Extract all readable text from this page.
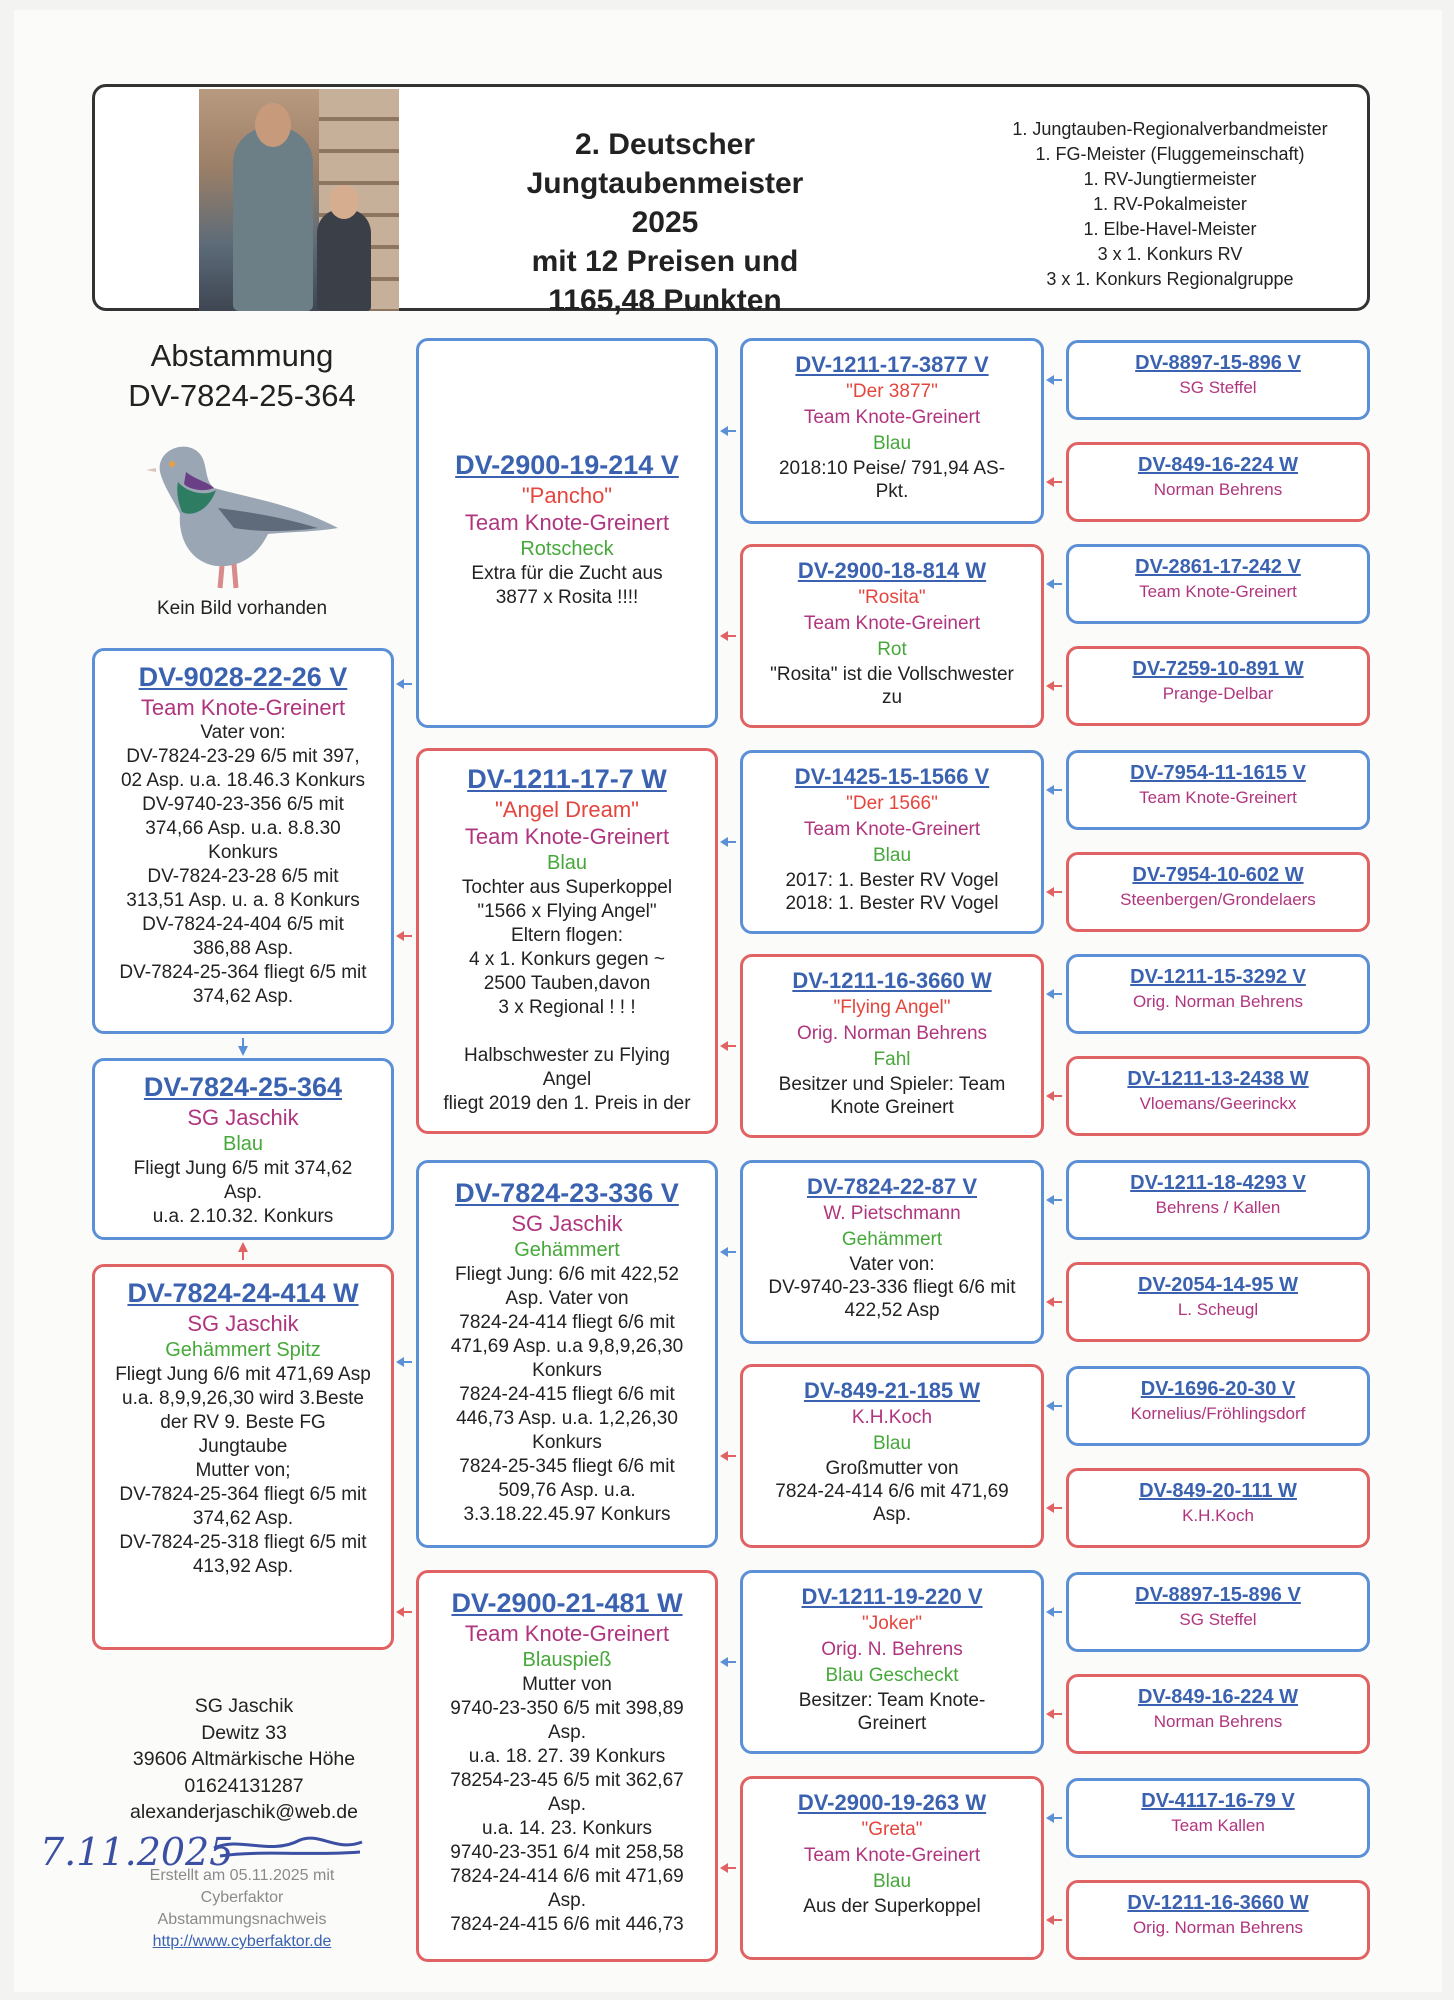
2. Deutscher
Jungtaubenmeister 2025
mit 12 Preisen und
1165,48 Punkten
1. Jungtauben-Regionalverbandmeister
1. FG-Meister (Fluggemeinschaft)
1. RV-Jungtiermeister
1. RV-Pokalmeister
1. Elbe-Havel-Meister
3 x 1. Konkurs RV
3 x 1. Konkurs Regionalgruppe
Abstammung
DV-7824-25-364
Kein Bild vorhanden
DV-9028-22-26 V
Team Knote-Greinert
Vater von:
DV-7824-23-29 6/5 mit 397,
02 Asp. u.a. 18.46.3 Konkurs
DV-9740-23-356 6/5 mit
374,66 Asp. u.a. 8.8.30
Konkurs
DV-7824-23-28 6/5 mit
313,51 Asp. u. a. 8 Konkurs
DV-7824-24-404 6/5 mit
386,88 Asp.
DV-7824-25-364 fliegt 6/5 mit
374,62 Asp.
DV-7824-25-364
SG Jaschik
Blau
Fliegt Jung 6/5 mit 374,62
Asp.
u.a. 2.10.32. Konkurs
DV-7824-24-414 W
SG Jaschik
Gehämmert Spitz
Fliegt Jung 6/6 mit 471,69 Asp
u.a. 8,9,9,26,30 wird 3.Beste
der RV 9. Beste FG
Jungtaube
Mutter von;
DV-7824-25-364 fliegt 6/5 mit
374,62 Asp.
DV-7824-25-318 fliegt 6/5 mit
413,92 Asp.
DV-2900-19-214 V
"Pancho"
Team Knote-Greinert
Rotscheck
Extra für die Zucht aus
3877 x Rosita !!!!
DV-1211-17-7 W
"Angel Dream"
Team Knote-Greinert
Blau
Tochter aus Superkoppel
"1566 x Flying Angel"
Eltern flogen:
4 x 1. Konkurs gegen ~
2500 Tauben,davon
3 x Regional ! ! !
Halbschwester zu Flying
Angel
fliegt 2019 den 1. Preis in der
DV-7824-23-336 V
SG Jaschik
Gehämmert
Fliegt Jung: 6/6 mit 422,52
Asp. Vater von
7824-24-414 fliegt 6/6 mit
471,69 Asp. u.a 9,8,9,26,30
Konkurs
7824-24-415 fliegt 6/6 mit
446,73 Asp. u.a. 1,2,26,30
Konkurs
7824-25-345 fliegt 6/6 mit
509,76 Asp. u.a.
3.3.18.22.45.97 Konkurs
DV-2900-21-481 W
Team Knote-Greinert
Blauspieß
Mutter von
9740-23-350 6/5 mit 398,89
Asp.
u.a. 18. 27. 39 Konkurs
78254-23-45 6/5 mit 362,67
Asp.
u.a. 14. 23. Konkurs
9740-23-351 6/4 mit 258,58
7824-24-414 6/6 mit 471,69
Asp.
7824-24-415 6/6 mit 446,73
DV-1211-17-3877 V
"Der 3877"
Team Knote-Greinert
Blau
2018:10 Peise/ 791,94 AS-
Pkt.
DV-2900-18-814 W
"Rosita"
Team Knote-Greinert
Rot
"Rosita" ist die Vollschwester
zu
DV-1425-15-1566 V
"Der 1566"
Team Knote-Greinert
Blau
2017: 1. Bester RV Vogel
2018: 1. Bester RV Vogel
DV-1211-16-3660 W
"Flying Angel"
Orig. Norman Behrens
Fahl
Besitzer und Spieler: Team
Knote Greinert
DV-7824-22-87 V
W. Pietschmann
Gehämmert
Vater von:
DV-9740-23-336 fliegt 6/6 mit
422,52 Asp
DV-849-21-185 W
K.H.Koch
Blau
Großmutter von
7824-24-414 6/6 mit 471,69
Asp.
DV-1211-19-220 V
"Joker"
Orig. N. Behrens
Blau Gescheckt
Besitzer: Team Knote-
Greinert
DV-2900-19-263 W
"Greta"
Team Knote-Greinert
Blau
Aus der Superkoppel
DV-8897-15-896 V
SG Steffel
DV-849-16-224 W
Norman Behrens
DV-2861-17-242 V
Team Knote-Greinert
DV-7259-10-891 W
Prange-Delbar
DV-7954-11-1615 V
Team Knote-Greinert
DV-7954-10-602 W
Steenbergen/Grondelaers
DV-1211-15-3292 V
Orig. Norman Behrens
DV-1211-13-2438 W
Vloemans/Geerinckx
DV-1211-18-4293 V
Behrens / Kallen
DV-2054-14-95 W
L. Scheugl
DV-1696-20-30 V
Kornelius/Fröhlingsdorf
DV-849-20-111 W
K.H.Koch
DV-8897-15-896 V
SG Steffel
DV-849-16-224 W
Norman Behrens
DV-4117-16-79 V
Team Kallen
DV-1211-16-3660 W
Orig. Norman Behrens
SG Jaschik
Dewitz 33
39606 Altmärkische Höhe
01624131287
alexanderjaschik@web.de
7.11.2025
Erstellt am 05.11.2025 mit
Cyberfaktor
Abstammungsnachweis
http://www.cyberfaktor.de
